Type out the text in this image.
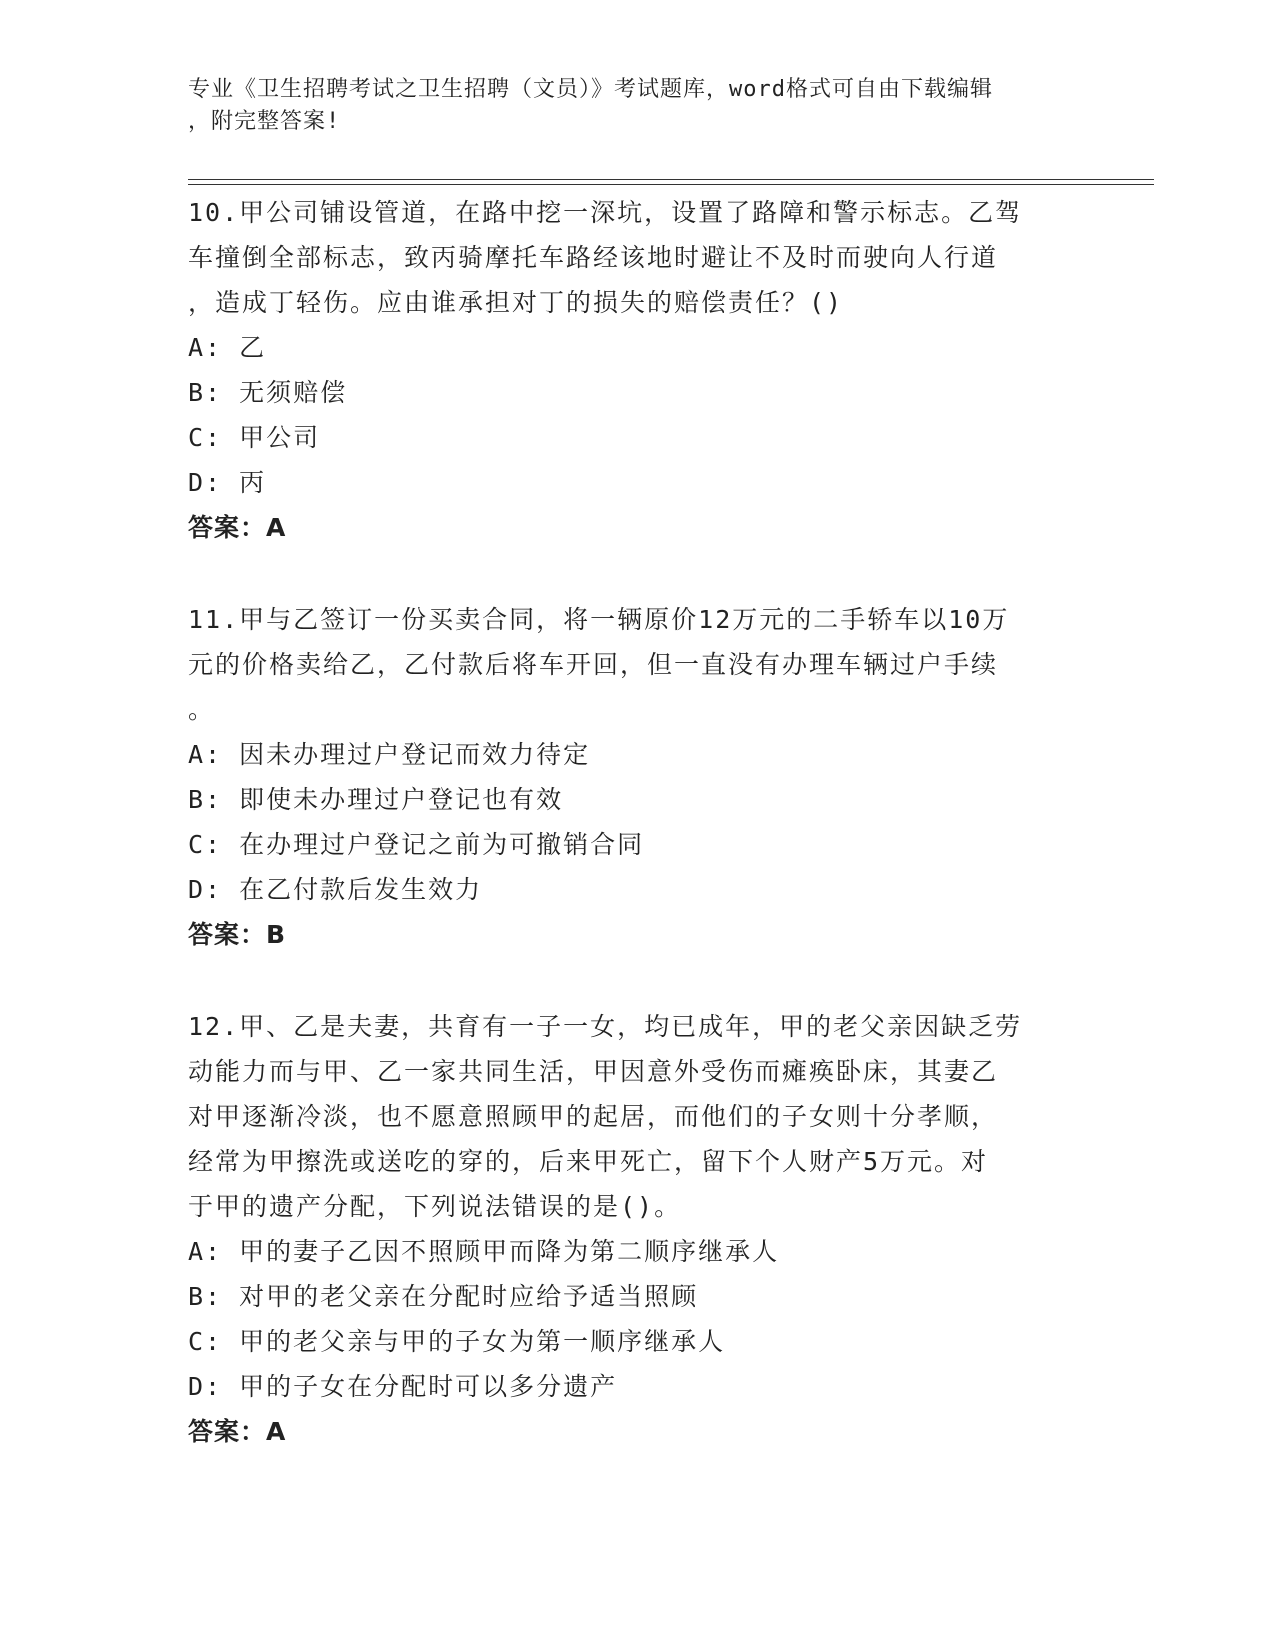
专业《卫生招聘考试之卫生招聘（文员）》考试题库，word格式可自由下载编辑

，附完整答案!

10.甲公司铺设管道，在路中挖一深坑，设置了路障和警示标志。乙驾

车撞倒全部标志，致丙骑摩托车路经该地时避让不及时而驶向人行道

，造成丁轻伤。应由谁承担对丁的损失的赔偿责任？()

A: 乙

B: 无须赔偿

C: 甲公司

D: 丙

答案：A

11.甲与乙签订一份买卖合同，将一辆原价12万元的二手轿车以10万

元的价格卖给乙，乙付款后将车开回，但一直没有办理车辆过户手续

。

A: 因未办理过户登记而效力待定

B: 即使未办理过户登记也有效

C: 在办理过户登记之前为可撤销合同

D: 在乙付款后发生效力

答案：B

12.甲、乙是夫妻，共育有一子一女，均已成年，甲的老父亲因缺乏劳

动能力而与甲、乙一家共同生活，甲因意外受伤而瘫痪卧床，其妻乙

对甲逐渐冷淡，也不愿意照顾甲的起居，而他们的子女则十分孝顺，

经常为甲擦洗或送吃的穿的，后来甲死亡，留下个人财产5万元。对

于甲的遗产分配，下列说法错误的是()。

A: 甲的妻子乙因不照顾甲而降为第二顺序继承人

B: 对甲的老父亲在分配时应给予适当照顾

C: 甲的老父亲与甲的子女为第一顺序继承人

D: 甲的子女在分配时可以多分遗产

答案：A
